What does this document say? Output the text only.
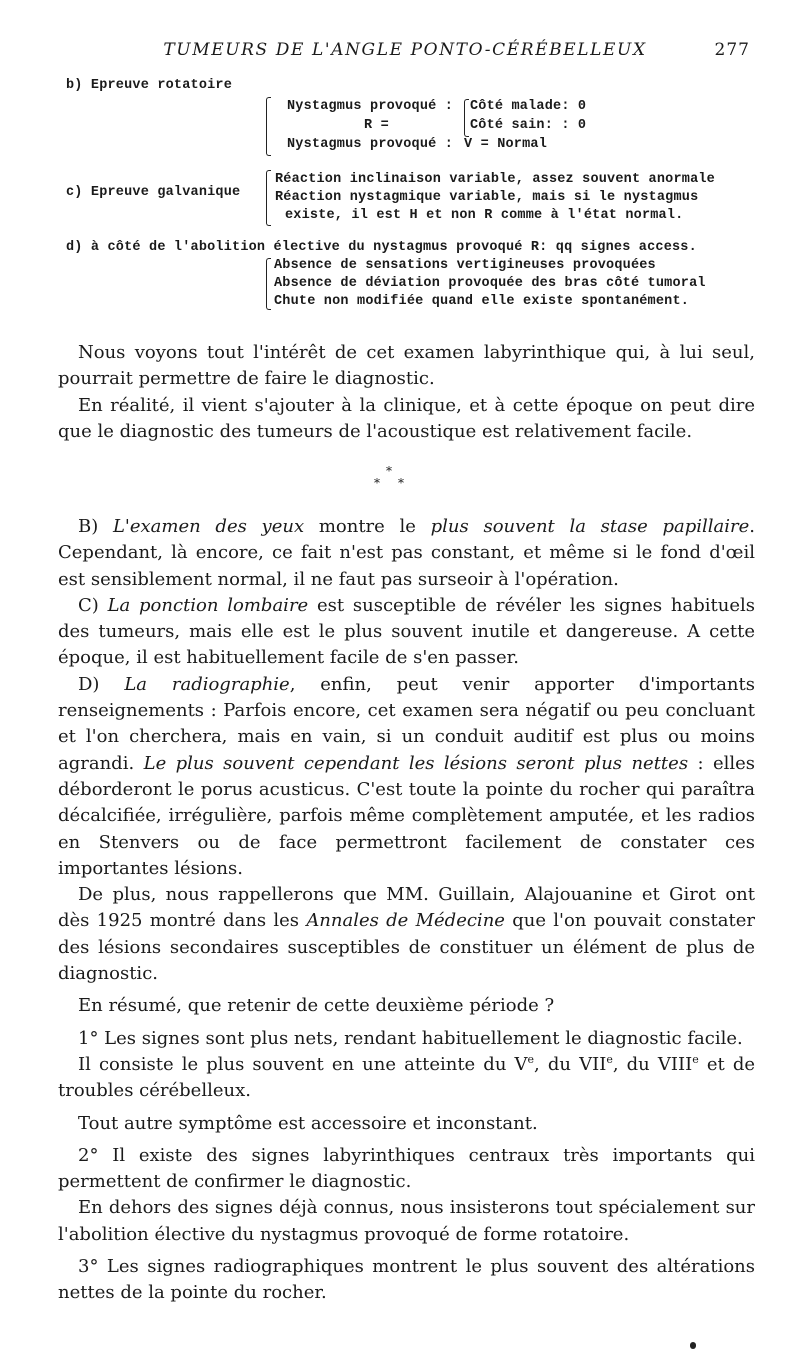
TUMEURS DE L'ANGLE PONTO-CÉRÉBELLEUX	277
b) Epreuve rotatoire
Nystagmus provoqué :
R =
Nystagmus provoqué :
Côté malade: 0
Côté sain: : 0
V = Normal
c) Epreuve galvanique
Réaction inclinaison variable, assez souvent anormale
Réaction nystagmique variable, mais si le nystagmus
existe, il est H et non R comme à l'état normal.
d) à côté de l'abolition élective du nystagmus provoqué R: qq signes access.
Absence de sensations vertigineuses provoquées
Absence de déviation provoquée des bras côté tumoral
Chute non modifiée quand elle existe spontanément.

Nous voyons tout l'intérêt de cet examen labyrinthique qui, à lui seul, pourrait permettre de faire le diagnostic.

En réalité, il vient s'ajouter à la clinique, et à cette époque on peut dire que le diagnostic des tumeurs de l'acoustique est relativement facile.

*
* *

B) L'examen des yeux montre le plus souvent la stase papillaire. Cependant, là encore, ce fait n'est pas constant, et même si le fond d'œil est sensiblement normal, il ne faut pas surseoir à l'opération.

C) La ponction lombaire est susceptible de révéler les signes habituels des tumeurs, mais elle est le plus souvent inutile et dangereuse. A cette époque, il est habituellement facile de s'en passer.

D) La radiographie, enfin, peut venir apporter d'importants renseignements : Parfois encore, cet examen sera négatif ou peu concluant et l'on cherchera, mais en vain, si un conduit auditif est plus ou moins agrandi. Le plus souvent cependant les lésions seront plus nettes : elles déborderont le porus acusticus. C'est toute la pointe du rocher qui paraîtra décalcifiée, irrégulière, parfois même complètement amputée, et les radios en Stenvers ou de face permettront facilement de constater ces importantes lésions.

De plus, nous rappellerons que MM. Guillain, Alajouanine et Girot ont dès 1925 montré dans les Annales de Médecine que l'on pouvait constater des lésions secondaires susceptibles de constituer un élément de plus de diagnostic.

En résumé, que retenir de cette deuxième période ?

1° Les signes sont plus nets, rendant habituellement le diagnostic facile.

Il consiste le plus souvent en une atteinte du Ve, du VIIe, du VIIIe et de troubles cérébelleux.

Tout autre symptôme est accessoire et inconstant.

2° Il existe des signes labyrinthiques centraux très importants qui permettent de confirmer le diagnostic.

En dehors des signes déjà connus, nous insisterons tout spécialement sur l'abolition élective du nystagmus provoqué de forme rotatoire.

3° Les signes radiographiques montrent le plus souvent des altérations nettes de la pointe du rocher.
